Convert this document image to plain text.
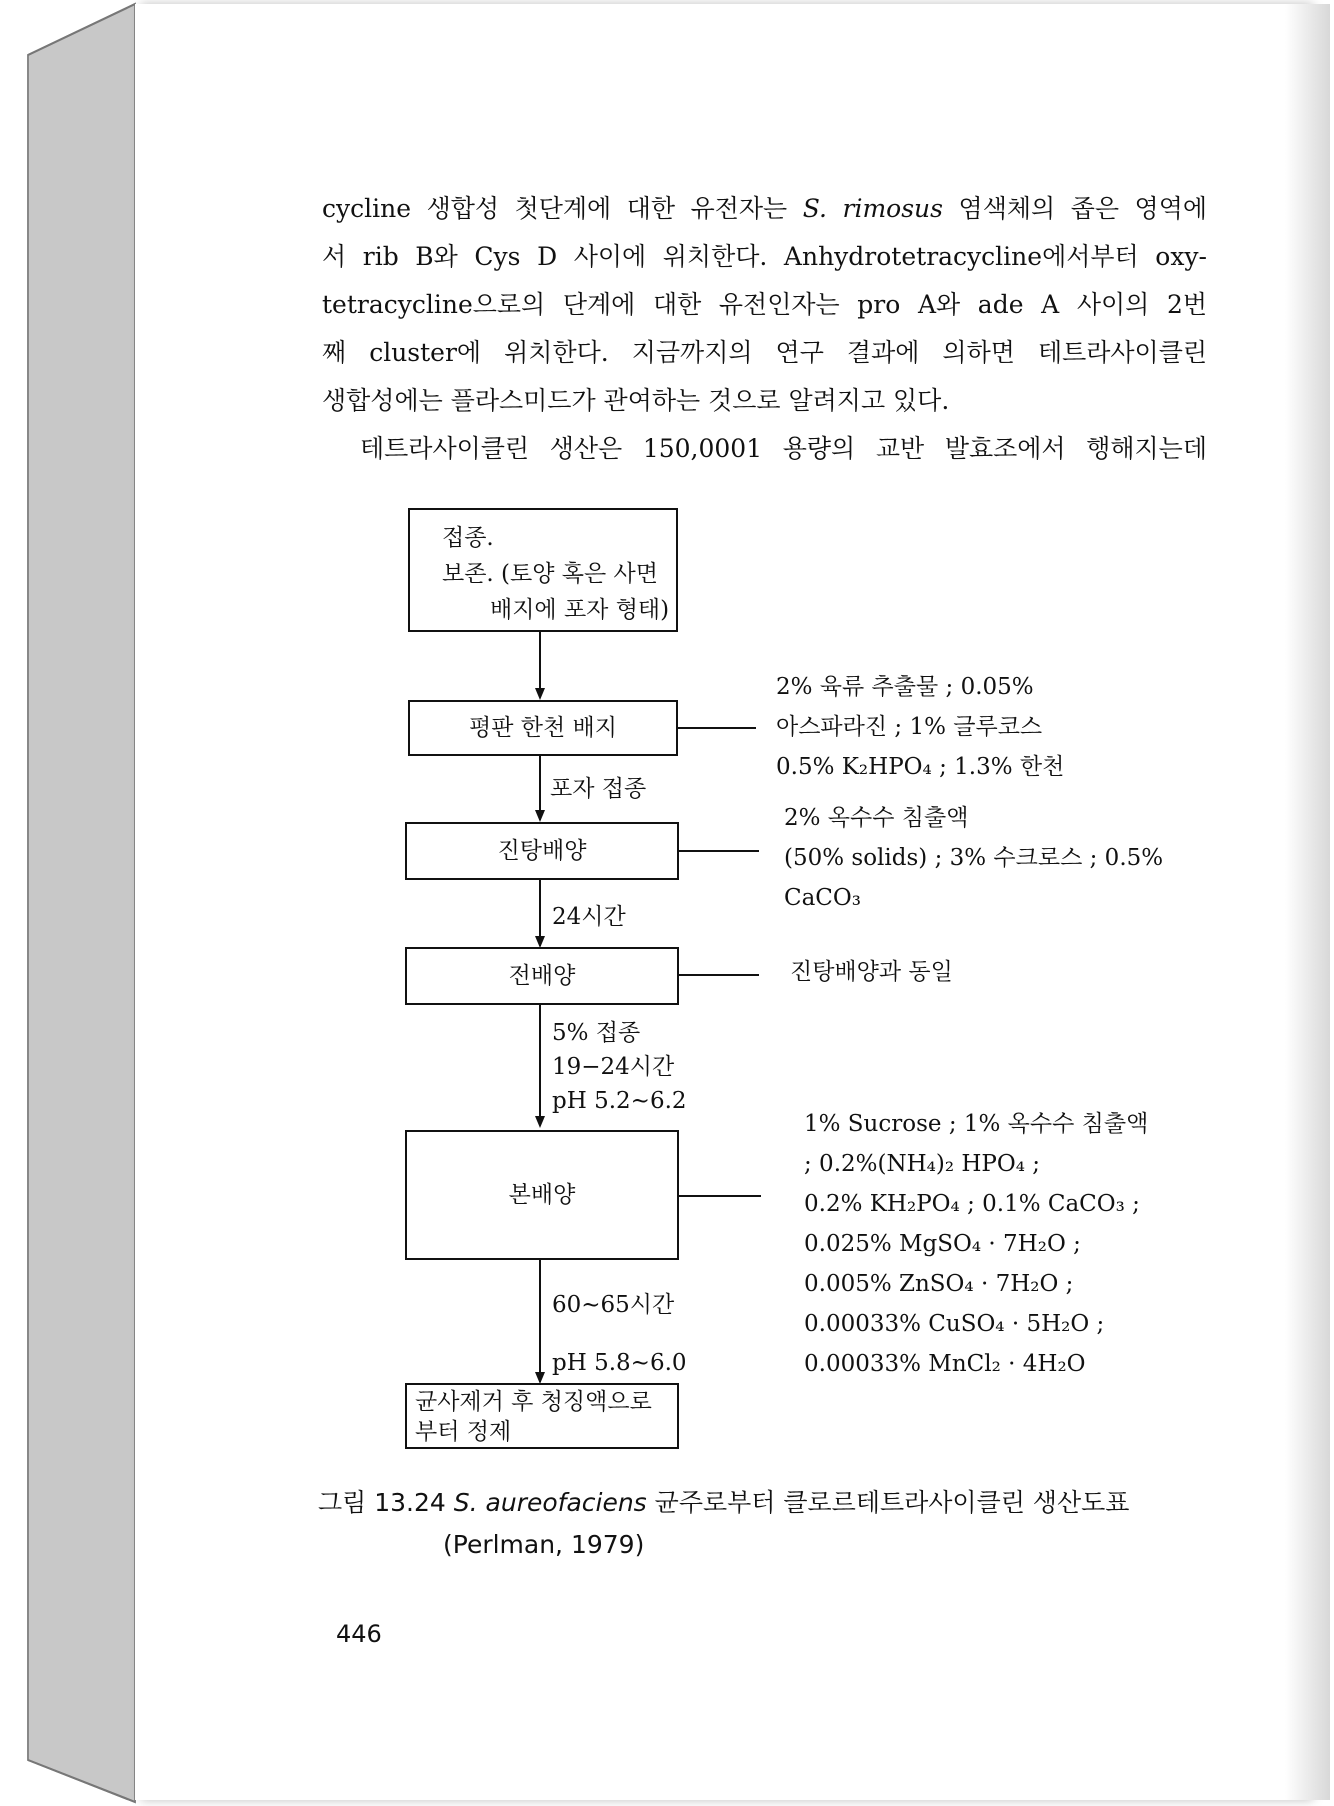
cycline 생합성 첫단계에 대한 유전자는 S. rimosus 염색체의 좁은 영역에
서 rib B와 Cys D 사이에 위치한다. Anhydrotetracycline에서부터 oxy-
tetracycline으로의 단계에 대한 유전인자는 pro A와 ade A 사이의 2번
째 cluster에 위치한다. 지금까지의 연구 결과에 의하면 테트라사이클린
생합성에는 플라스미드가 관여하는 것으로 알려지고 있다.
테트라사이클린 생산은 150,0001 용량의 교반 발효조에서 행해지는데
접종.
보존. (토양 혹은 사면
배지에 포자 형태)
평판 한천 배지
2% 육류 추출물 ; 0.05%
아스파라진 ; 1% 글루코스
0.5% K₂HPO₄ ; 1.3% 한천
포자 접종
진탕배양
2% 옥수수 침출액
(50% solids) ; 3% 수크로스 ; 0.5%
CaCO₃
24시간
전배양	진탕배양과 동일
5% 접종
19−24시간
pH 5.2∼6.2
본배양
1% Sucrose ; 1% 옥수수 침출액
; 0.2%(NH₄)₂ HPO₄ ;
0.2% KH₂PO₄ ; 0.1% CaCO₃ ;
0.025% MgSO₄ · 7H₂O ;
0.005% ZnSO₄ · 7H₂O ;
0.00033% CuSO₄ · 5H₂O ;
0.00033% MnCl₂ · 4H₂O
60∼65시간
pH 5.8∼6.0
균사제거 후 청징액으로
부터 정제
그림 13.24 S. aureofaciens 균주로부터 클로르테트라사이클린 생산도표
(Perlman, 1979)
446
